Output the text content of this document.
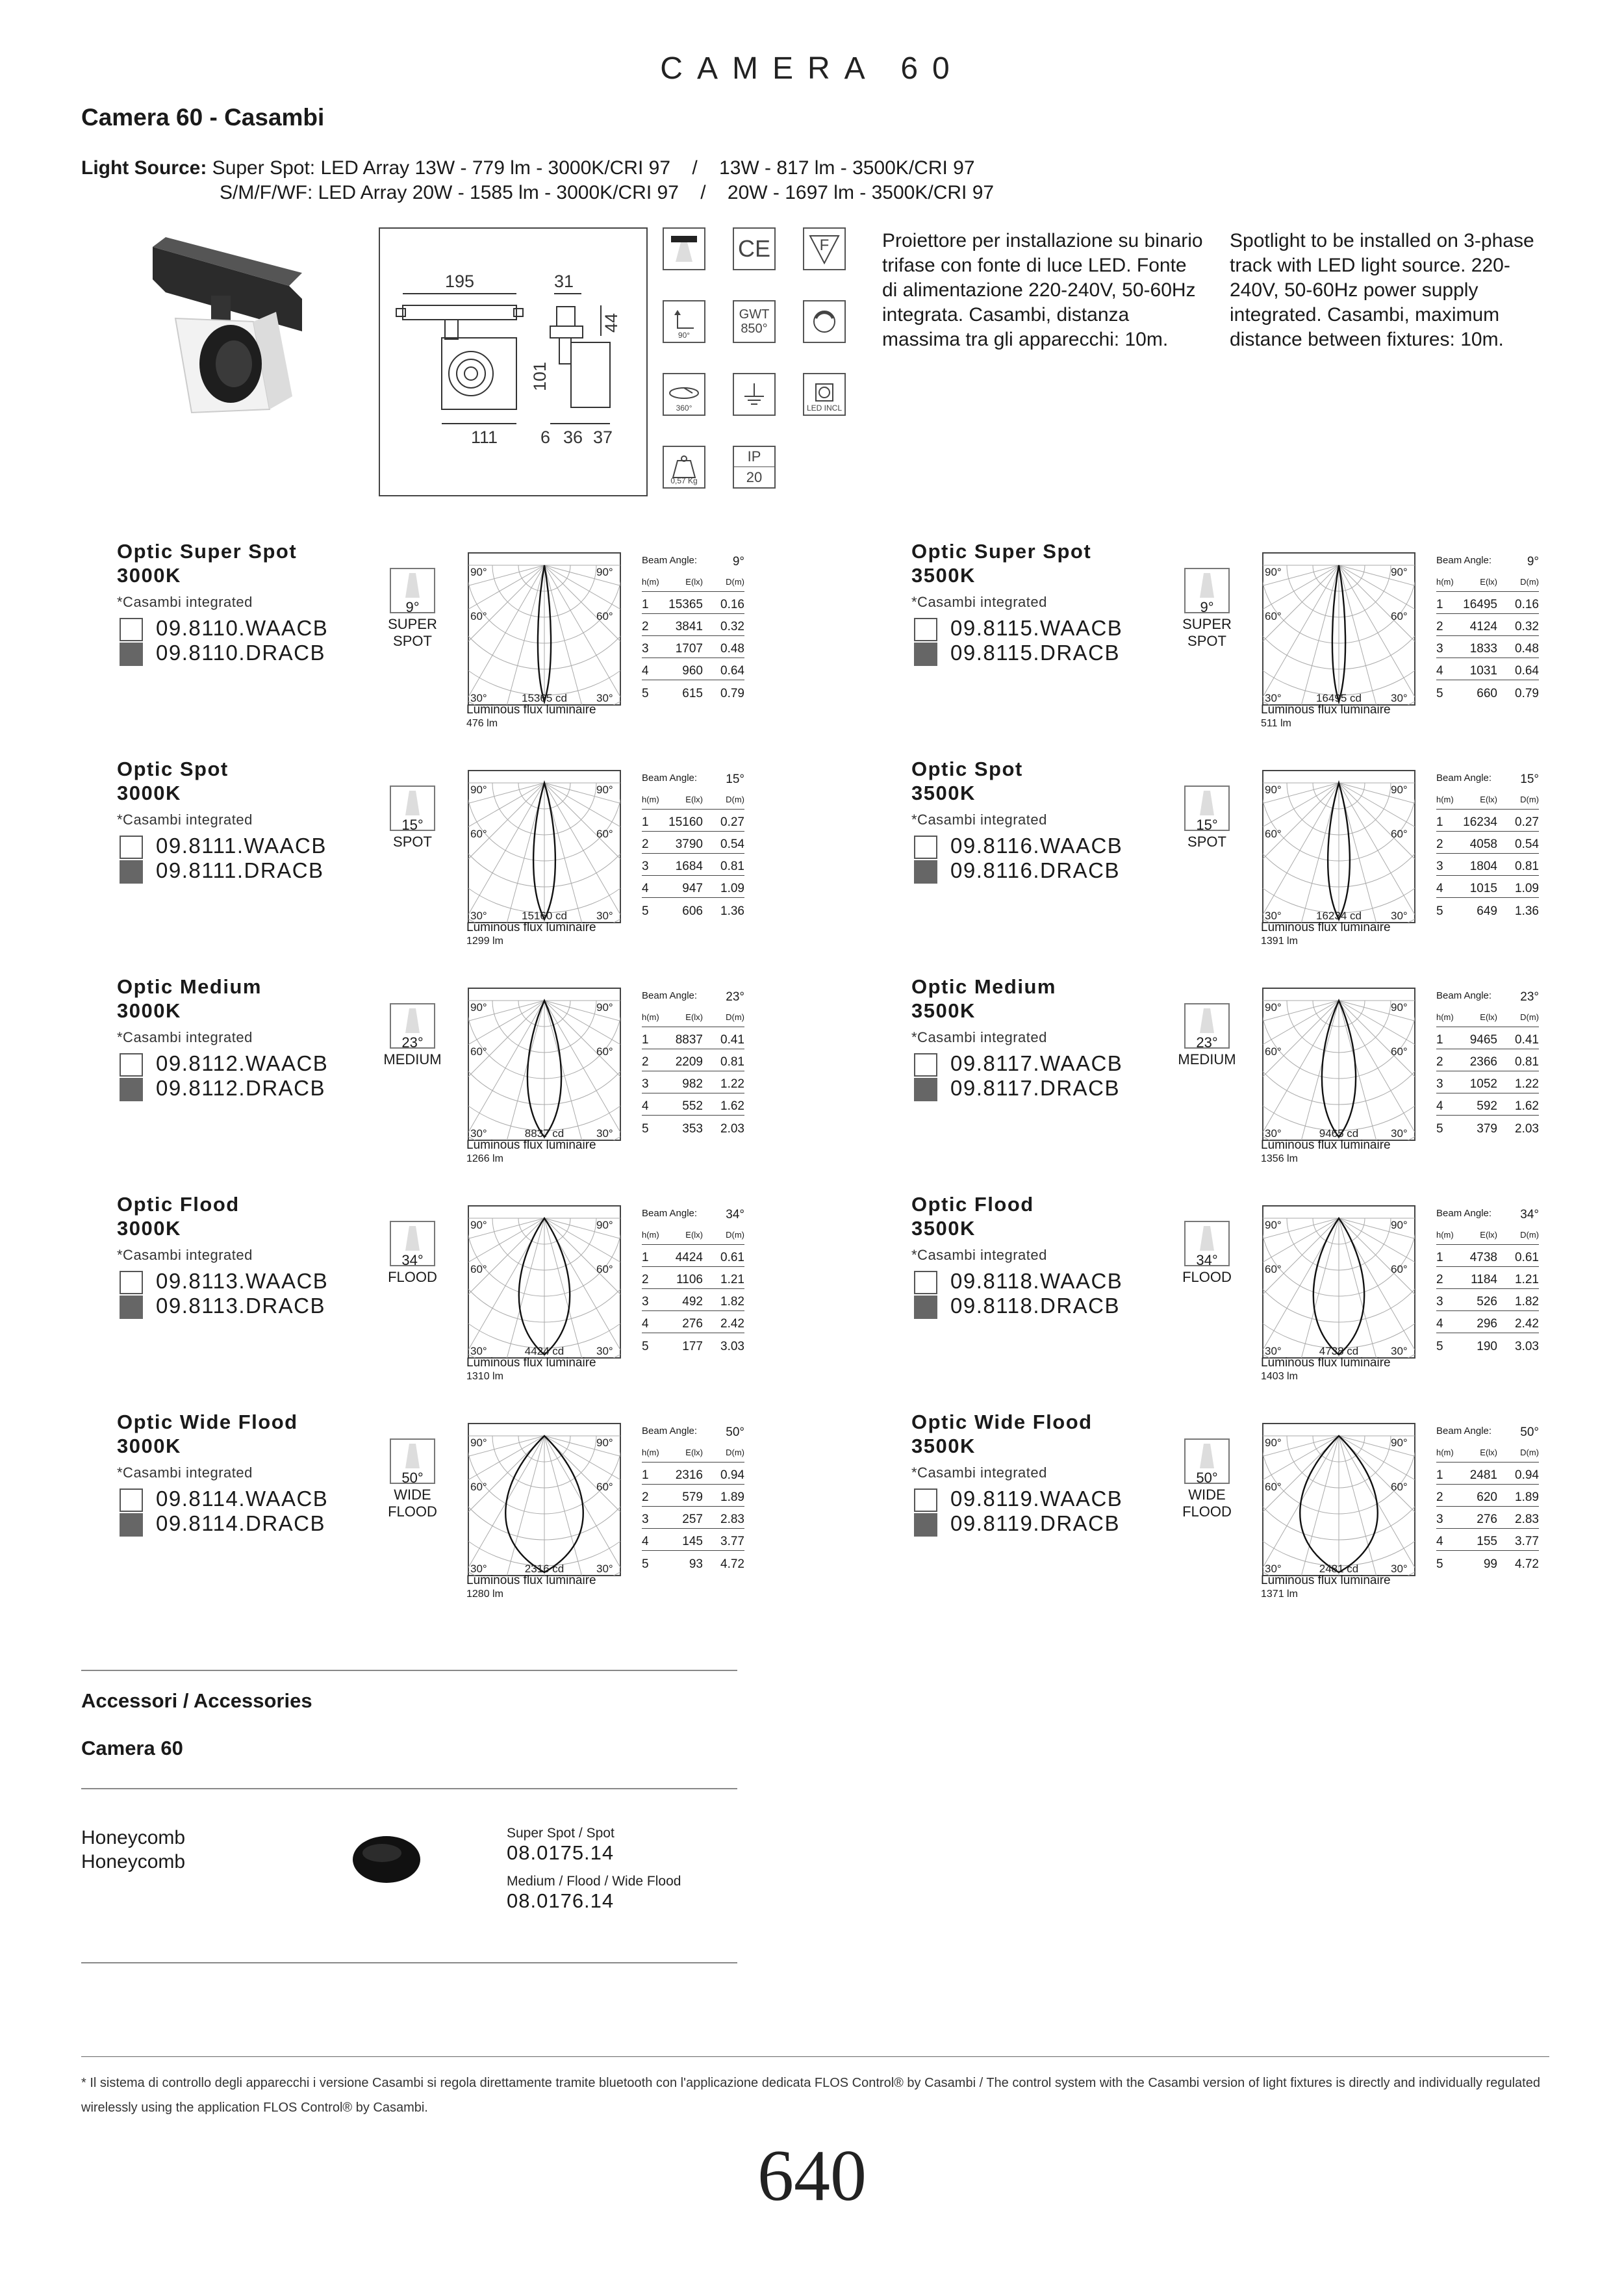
CAMERA 60
Camera 60 - Casambi
Light Source: Super Spot: LED Array 13W - 779 lm - 3000K/CRI 97    /    13W - 817 lm - 3500K/CRI 97
S/M/F/WF: LED Array 20W - 1585 lm - 3000K/CRI 97    /    20W - 1697 lm - 3500K/CRI 97
195	31
44
101
111 6 36 37
CE	F
90°
GWT
850°
360°	LED INCL
0,57 Kg
IP
20
Proiettore per installazione su binario trifase con fonte di luce LED. Fonte di alimentazione 220-240V, 50-60Hz integrata. Casambi, distanza massima tra gli apparecchi: 10m.
Spotlight to be installed on 3-phase track with LED light source. 220-240V, 50-60Hz power supply integrated. Casambi, maximum distance between fixtures: 10m.
Optic Super Spot
3000K
*Casambi integrated
09.8110.WAACB
09.8110.DRACB
9°
SUPER
SPOT
90°	90°
60°	60°
30°	30°
15365 cd
Luminous flux luminaire
476 lm
Beam Angle:	9°
h(m)	E(lx)	D(m)
1	15365	0.16
2	3841	0.32
3	1707	0.48
4	960	0.64
5	615	0.79
Optic Super Spot
3500K
*Casambi integrated
09.8115.WAACB
09.8115.DRACB
9°
SUPER
SPOT
90°	90°
60°	60°
30°	30°
16495 cd
Luminous flux luminaire
511 lm
Beam Angle:	9°
h(m)	E(lx)	D(m)
1	16495	0.16
2	4124	0.32
3	1833	0.48
4	1031	0.64
5	660	0.79
Optic Spot
3000K
*Casambi integrated
09.8111.WAACB
09.8111.DRACB
15°
SPOT
90°	90°
60°	60°
30°	30°
15160 cd
Luminous flux luminaire
1299 lm
Beam Angle: 15°
h(m)	E(lx)	D(m)
1	15160	0.27
2	3790	0.54
3	1684	0.81
4	947	1.09
5	606	1.36
Optic Spot
3500K
*Casambi integrated
09.8116.WAACB
09.8116.DRACB
15°
SPOT
90°	90°
60°	60°
30°	30°
16234 cd
Luminous flux luminaire
1391 lm
Beam Angle: 15°
h(m)	E(lx)	D(m)
1	16234	0.27
2	4058	0.54
3	1804	0.81
4	1015	1.09
5	649	1.36
Optic Medium
3000K
*Casambi integrated
09.8112.WAACB
09.8112.DRACB
23°
MEDIUM
90°	90°
60°	60°
30°	30°
8837 cd
Luminous flux luminaire
1266 lm
Beam Angle: 23°
h(m)	E(lx)	D(m)
1	8837	0.41
2	2209	0.81
3	982	1.22
4	552	1.62
5	353	2.03
Optic Medium
3500K
*Casambi integrated
09.8117.WAACB
09.8117.DRACB
23°
MEDIUM
90°	90°
60°	60°
30°	30°
9465 cd
Luminous flux luminaire
1356 lm
Beam Angle: 23°
h(m)	E(lx)	D(m)
1	9465	0.41
2	2366	0.81
3	1052	1.22
4	592	1.62
5	379	2.03
Optic Flood
3000K
*Casambi integrated
09.8113.WAACB
09.8113.DRACB
34°
FLOOD
90°	90°
60°	60°
30°	30°
4424 cd
Luminous flux luminaire
1310 lm
Beam Angle: 34°
h(m)	E(lx)	D(m)
1	4424	0.61
2	1106	1.21
3	492	1.82
4	276	2.42
5	177	3.03
Optic Flood
3500K
*Casambi integrated
09.8118.WAACB
09.8118.DRACB
34°
FLOOD
90°	90°
60°	60°
30°	30°
4738 cd
Luminous flux luminaire
1403 lm
Beam Angle: 34°
h(m)	E(lx)	D(m)
1	4738	0.61
2	1184	1.21
3	526	1.82
4	296	2.42
5	190	3.03
Optic Wide Flood
3000K
*Casambi integrated
09.8114.WAACB
09.8114.DRACB
50°
WIDE
FLOOD
90°	90°
60°	60°
30°	30°
2316 cd
Luminous flux luminaire
1280 lm
Beam Angle: 50°
h(m)	E(lx)	D(m)
1	2316	0.94
2	579	1.89
3	257	2.83
4	145	3.77
5	93	4.72
Optic Wide Flood
3500K
*Casambi integrated
09.8119.WAACB
09.8119.DRACB
50°
WIDE
FLOOD
90°	90°
60°	60°
30°	30°
2481 cd
Luminous flux luminaire
1371 lm
Beam Angle: 50°
h(m)	E(lx)	D(m)
1	2481	0.94
2	620	1.89
3	276	2.83
4	155	3.77
5	99	4.72
Accessori / Accessories
Camera 60
Honeycomb
Honeycomb
Super Spot / Spot
08.0175.14
Medium / Flood / Wide Flood
08.0176.14
* Il sistema di controllo degli apparecchi i versione Casambi si regola direttamente tramite bluetooth con l'applicazione dedicata FLOS Control® by Casambi / The control system with the Casambi version of light fixtures is directly and individually regulated wirelessly using the application FLOS Control® by Casambi.
640
